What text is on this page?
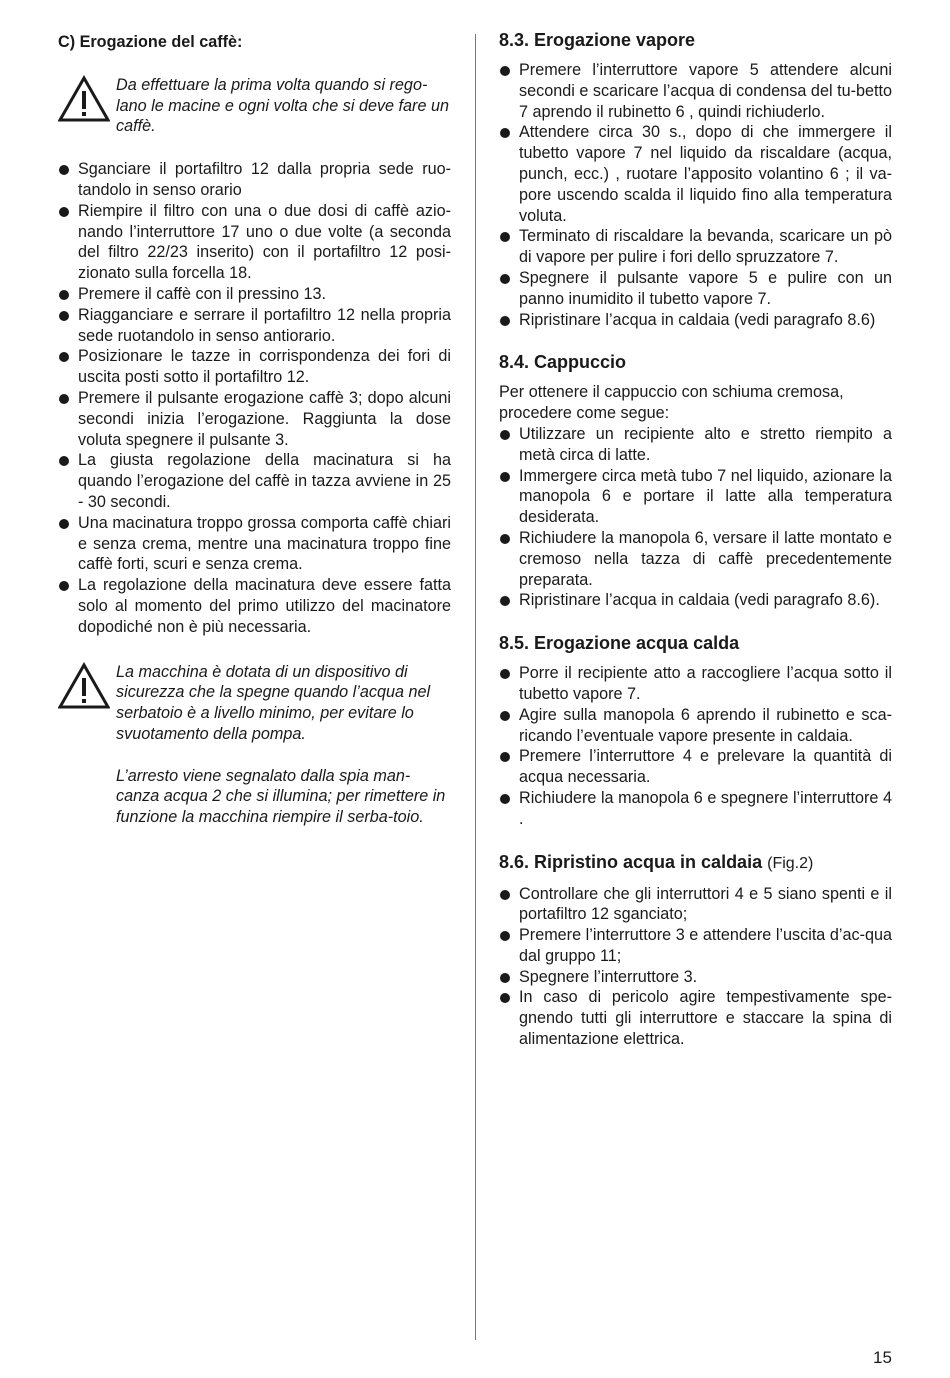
C) Erogazione del caffè:

Da effettuare la prima volta quando si rego-lano le macine e ogni volta che si deve fare un caffè.

Sganciare il portafiltro 12 dalla propria sede ruo-tandolo in senso orario
Riempire il filtro con una o due dosi di caffè azio-nando l’interruttore 17 uno o due volte (a seconda del filtro 22/23 inserito) con il portafiltro 12 posi-zionato sulla forcella 18.
Premere il caffè con il pressino 13.
Riagganciare e serrare il portafiltro 12 nella propria sede ruotandolo in senso antiorario.
Posizionare le tazze in corrispondenza dei fori di uscita posti sotto il portafiltro 12.
Premere il pulsante erogazione caffè 3; dopo alcuni secondi inizia l’erogazione. Raggiunta la dose voluta spegnere il pulsante 3.
La giusta regolazione della macinatura si ha quando l’erogazione del caffè in tazza avviene in 25 - 30 secondi.
Una macinatura troppo grossa comporta caffè chiari e senza crema, mentre una macinatura troppo fine caffè forti, scuri e senza crema.
La regolazione della macinatura deve essere fatta solo al momento del primo utilizzo del macinatore dopodiché non è più necessaria.

La macchina è dotata di un dispositivo di sicurezza che la spegne quando l’acqua nel serbatoio è a livello minimo, per evitare lo svuotamento della pompa.

L’arresto viene segnalato dalla spia man-canza acqua 2 che si illumina; per rimettere in funzione la macchina riempire il serba-toio.

8.3. Erogazione vapore
Premere l’interruttore vapore 5 attendere alcuni secondi e scaricare l’acqua di condensa del tu-betto 7 aprendo il rubinetto 6 , quindi richiuderlo.
Attendere circa 30 s., dopo di che immergere il tubetto vapore 7 nel liquido da riscaldare (acqua, punch, ecc.) , ruotare l’apposito volantino 6 ; il va-pore uscendo scalda il liquido fino alla temperatura voluta.
Terminato di riscaldare la bevanda, scaricare un pò di vapore per pulire i fori dello spruzzatore 7.
Spegnere il pulsante vapore 5 e pulire con un panno inumidito il tubetto vapore 7.
Ripristinare l’acqua in caldaia (vedi paragrafo 8.6)
8.4. Cappuccio

Per ottenere il cappuccio con schiuma cremosa, procedere come segue:

Utilizzare un recipiente alto e stretto riempito a metà circa di latte.
Immergere circa metà tubo 7 nel liquido, azionare la manopola 6 e portare il latte alla temperatura desiderata.
Richiudere la manopola 6, versare il latte montato e cremoso nella tazza di caffè precedentemente preparata.
Ripristinare l’acqua in caldaia (vedi paragrafo 8.6).
8.5. Erogazione acqua calda
Porre il recipiente atto a raccogliere l’acqua sotto il tubetto vapore 7.
Agire sulla manopola 6 aprendo il rubinetto e sca-ricando l’eventuale vapore presente in caldaia.
Premere l’interruttore 4 e prelevare la quantità di acqua necessaria.
Richiudere la manopola 6 e spegnere l’interruttore 4 .
8.6. Ripristino acqua in caldaia (Fig.2)
Controllare che gli interruttori 4 e 5 siano spenti e il portafiltro 12 sganciato;
Premere l’interruttore 3 e attendere l’uscita d’ac-qua dal gruppo 11;
Spegnere l’interruttore 3.
In caso di pericolo agire tempestivamente spe-gnendo tutti gli interruttore e staccare la spina di alimentazione elettrica.
15
